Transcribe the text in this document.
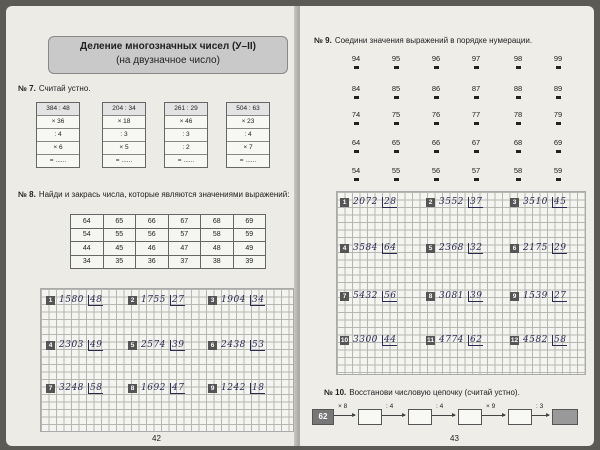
Деление многозначных чисел (У–II)
(на двузначное число)
№ 7. Считай устно.
384 : 48
× 36
: 4
× 6
= ......
204 : 34
× 18
: 3
× 5
= ......
261 : 29
× 46
: 3
: 2
= ......
504 : 63
× 23
: 4
× 7
= ......
№ 8. Найди и закрась числа, которые являются значениями выражений:
64	65	66	67	68	69
54	55	56	57	58	59
44	45	46	47	48	49
34	35	36	37	38	39
1 1580 48	2 1755 27	3 1904 34
4 2303 49	5 2574 39	6 2438 53
7 3248 58	8 1692 47	9 1242 18
42
№ 9. Соедини значения выражений в порядке нумерации.
94	95	96	97	98	99
84	85	86	87	88	89
74	75	76	77	78	79
64	65	66	67	68	69
54	55	56	57	58	59
1 2072 28	2 3552 37	3 3510 45
4 3584 64	5 2368 32	6 2175 29
7 5432 56	8 3081 39	9 1539 27
10 3300 44	11 4774 62	12 4582 58
№ 10. Восстанови числовую цепочку (считай устно).
62
× 8	: 4	: 4	× 9	: 3
43
